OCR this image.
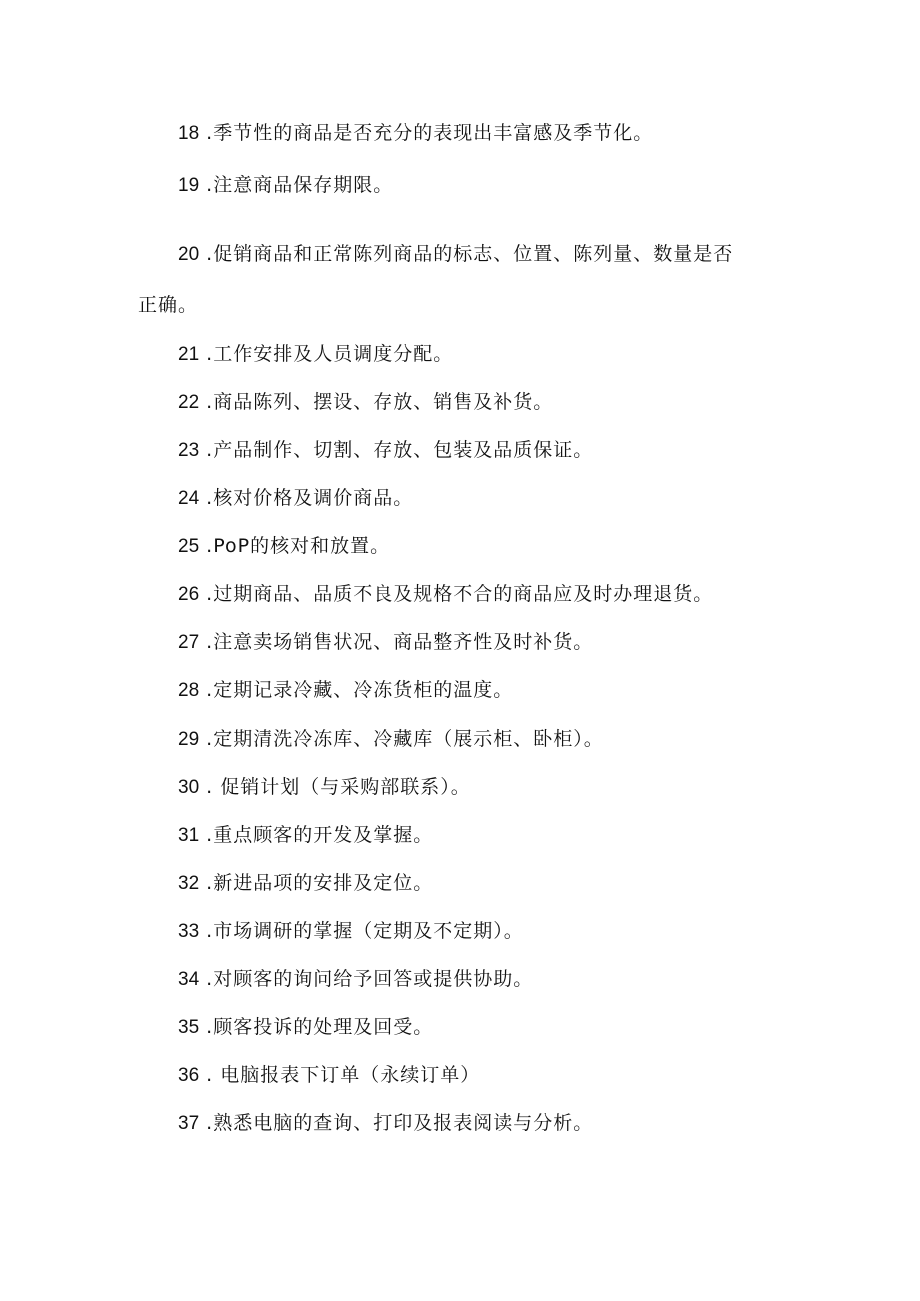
18 .季节性的商品是否充分的表现出丰富感及季节化。
19 .注意商品保存期限。
20 .促销商品和正常陈列商品的标志、位置、陈列量、数量是否
正确。
21 .工作安排及人员调度分配。
22 .商品陈列、摆设、存放、销售及补货。
23 .产品制作、切割、存放、包装及品质保证。
24 .核对价格及调价商品。
25 .PoP的核对和放置。
26 .过期商品、品质不良及规格不合的商品应及时办理退货。
27 .注意卖场销售状况、商品整齐性及时补货。
28 .定期记录冷藏、冷冻货柜的温度。
29 .定期清洗冷冻库、冷藏库（展示柜、卧柜）。
30 . 促销计划（与采购部联系）。
31 .重点顾客的开发及掌握。
32 .新进品项的安排及定位。
33 .市场调研的掌握（定期及不定期）。
34 .对顾客的询问给予回答或提供协助。
35 .顾客投诉的处理及回受。
36 . 电脑报表下订单（永续订单）
37 .熟悉电脑的查询、打印及报表阅读与分析。
